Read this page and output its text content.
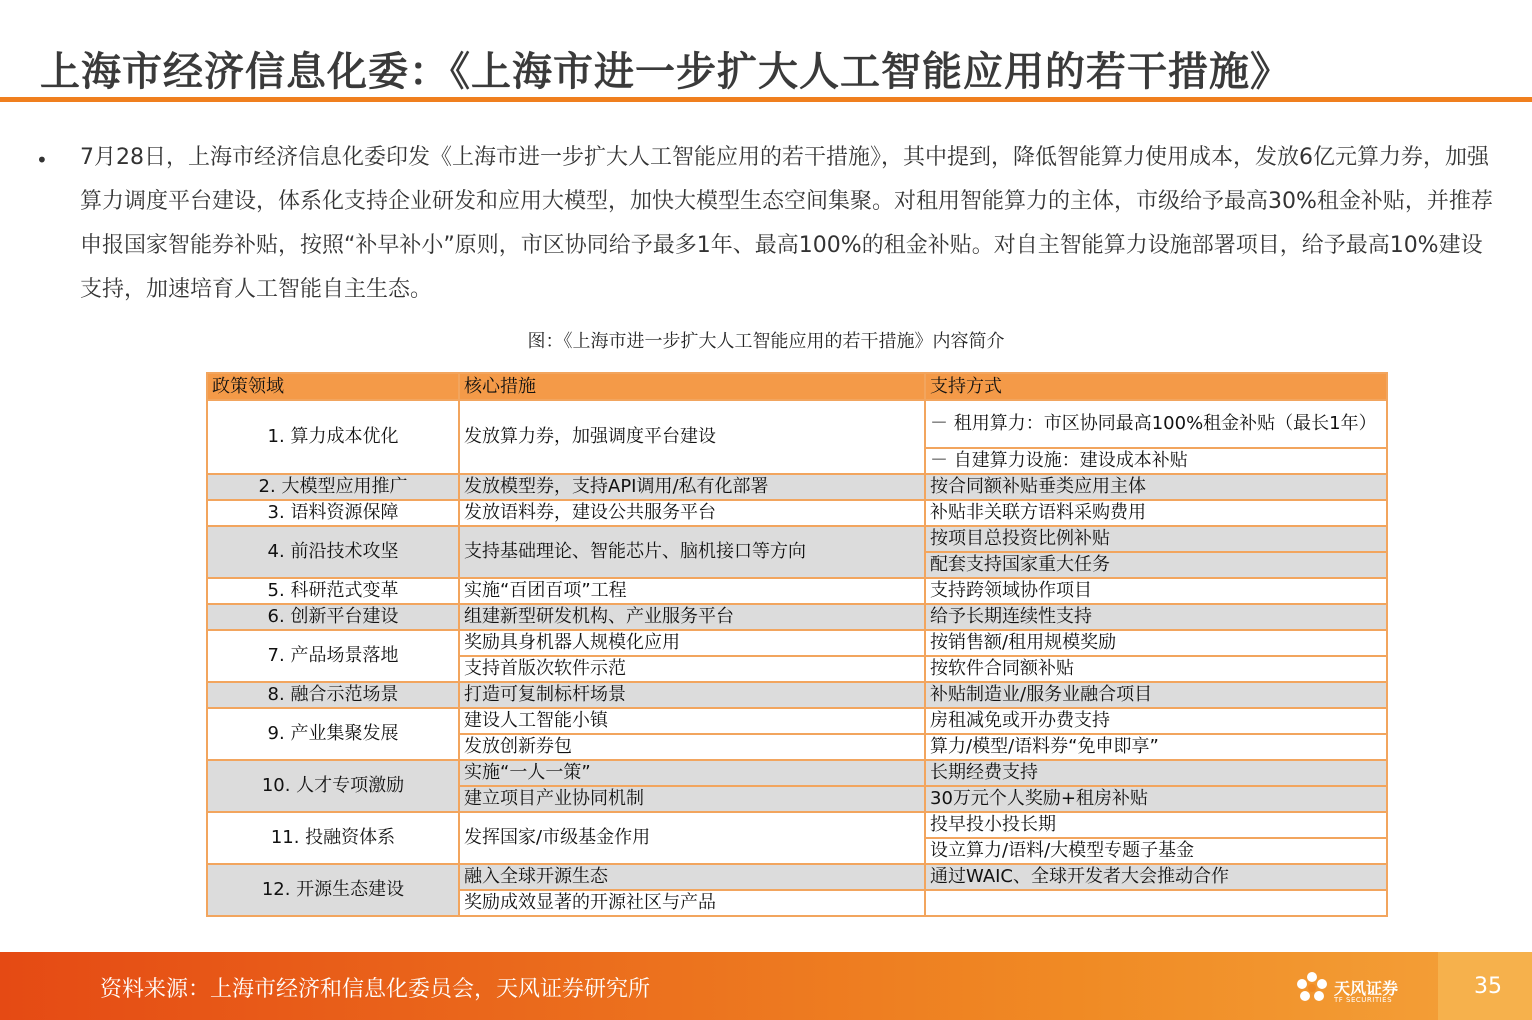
上海市经济信息化委：《上海市进一步扩大人工智能应用的若干措施》
• 7月28日，上海市经济信息化委印发《上海市进一步扩大人工智能应用的若干措施》，其中提到，降低智能算力使用成本，发放6亿元算力券，加强算力调度平台建设，体系化支持企业研发和应用大模型，加快大模型生态空间集聚。对租用智能算力的主体，市级给予最高30%租金补贴，并推荐申报国家智能券补贴，按照“补早补小”原则，市区协同给予最多1年、最高100%的租金补贴。对自主智能算力设施部署项目，给予最高10%建设支持，加速培育人工智能自主生态。

图：《上海市进一步扩大人工智能应用的若干措施》内容简介
政策领域	核心措施	支持方式
1. 算力成本优化	发放算力券，加强调度平台建设	－ 租用算力：市区协同最高100%租金补贴（最长1年）
		－ 自建算力设施：建设成本补贴
2. 大模型应用推广	发放模型券，支持API调用/私有化部署	按合同额补贴垂类应用主体
3. 语料资源保障	发放语料券，建设公共服务平台	补贴非关联方语料采购费用
4. 前沿技术攻坚	支持基础理论、智能芯片、脑机接口等方向	按项目总投资比例补贴
		配套支持国家重大任务
5. 科研范式变革	实施“百团百项”工程	支持跨领域协作项目
6. 创新平台建设	组建新型研发机构、产业服务平台	给予长期连续性支持
7. 产品场景落地	奖励具身机器人规模化应用	按销售额/租用规模奖励
	支持首版次软件示范	按软件合同额补贴
8. 融合示范场景	打造可复制标杆场景	补贴制造业/服务业融合项目
9. 产业集聚发展	建设人工智能小镇	房租减免或开办费支持
	发放创新券包	算力/模型/语料券“免申即享”
10. 人才专项激励	实施“一人一策”	长期经费支持
	建立项目产业协同机制	30万元个人奖励+租房补贴
11. 投融资体系	发挥国家/市级基金作用	投早投小投长期
		设立算力/语料/大模型专题子基金
12. 开源生态建设	融入全球开源生态	通过WAIC、全球开发者大会推动合作
	奖励成效显著的开源社区与产品	
资料来源：上海市经济和信息化委员会，天风证券研究所	天风证券
TF SECURITIES
35
